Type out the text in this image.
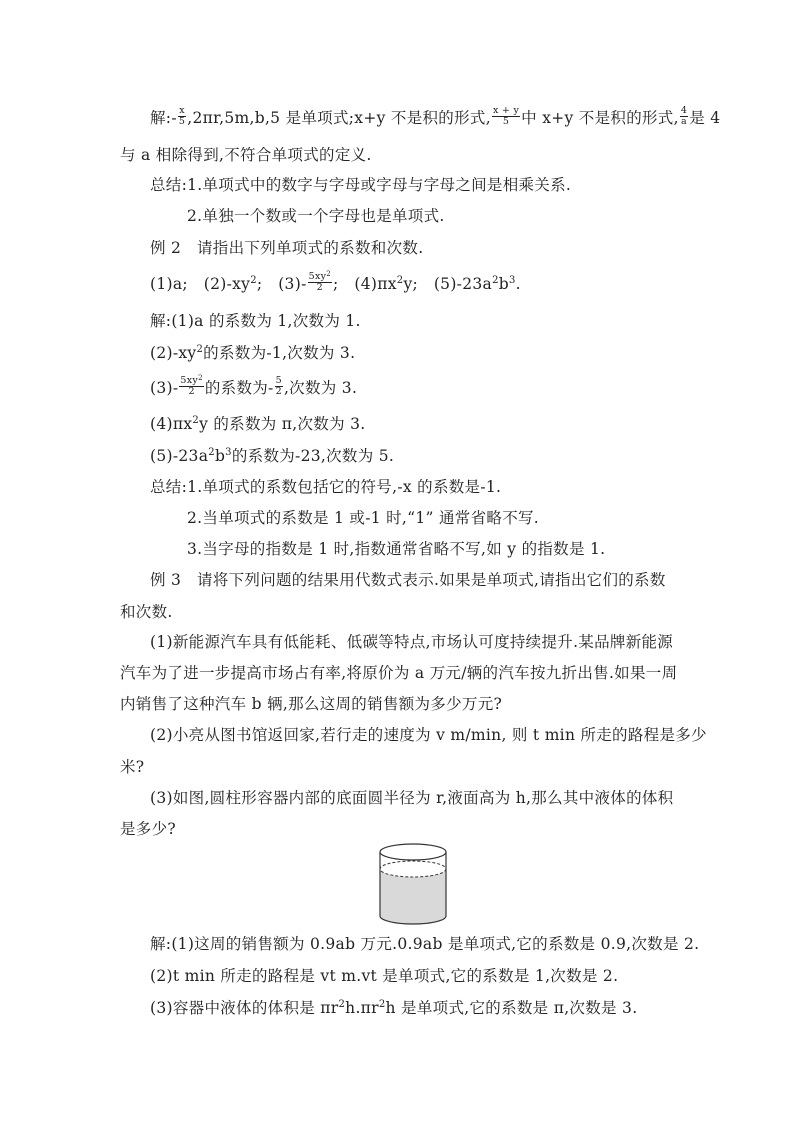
解:- $\frac{x}{5} ,2\pi r,5m,b,5$ 是单项式;x+y 不是积的形式, $\frac{x + y}{5}$ 中 x+y 不是积的形式, $\frac{4}{a}$ 是 4
与 a 相除得到,不符合单项式的定义.
总结:1.单项式中的数字与字母或字母与字母之间是相乘关系.
2.单独一个数或一个字母也是单项式.
例 2　请指出下列单项式的系数和次数.
(1)a;　$(2)-xy^2$;　$(3)- \frac{5xy^2}{2}$ ;　$(4)\pi x^2y$;　$(5)-23a^2b^3$.
解:(1)a 的系数为 1,次数为 1.
$(2)-xy^2$的系数为-1,次数为 3.
$(3)- \frac{5xy^2}{2}$ 的系数为- $\frac{5}{2}$ ,次数为 3.
$(4)\pi x^2y$ 的系数为 π,次数为 3.
$(5)-23a^2b^3$的系数为-23,次数为 5.
总结:1.单项式的系数包括它的符号,-x 的系数是-1.
2.当单项式的系数是 1 或-1 时,“1” 通常省略不写.
3.当字母的指数是 1 时,指数通常省略不写,如 y 的指数是 1.
例 3　请将下列问题的结果用代数式表示.如果是单项式,请指出它们的系数
和次数.
(1)新能源汽车具有低能耗、低碳等特点,市场认可度持续提升.某品牌新能源
汽车为了进一步提高市场占有率,将原价为 a 万元/辆的汽车按九折出售.如果一周
内销售了这种汽车 b 辆,那么这周的销售额为多少万元?
(2)小亮从图书馆返回家,若行走的速度为 v m/min, 则 t min 所走的路程是多少
米?
(3)如图,圆柱形容器内部的底面圆半径为 r,液面高为 h,那么其中液体的体积
是多少?
解:(1)这周的销售额为 0.9ab 万元.0.9ab 是单项式,它的系数是 0.9,次数是 2.
(2)t min 所走的路程是 vt m.vt 是单项式,它的系数是 1,次数是 2.
(3)容器中液体的体积是 $\pi r^2h.\pi r^2h$ 是单项式,它的系数是 π,次数是 3.
